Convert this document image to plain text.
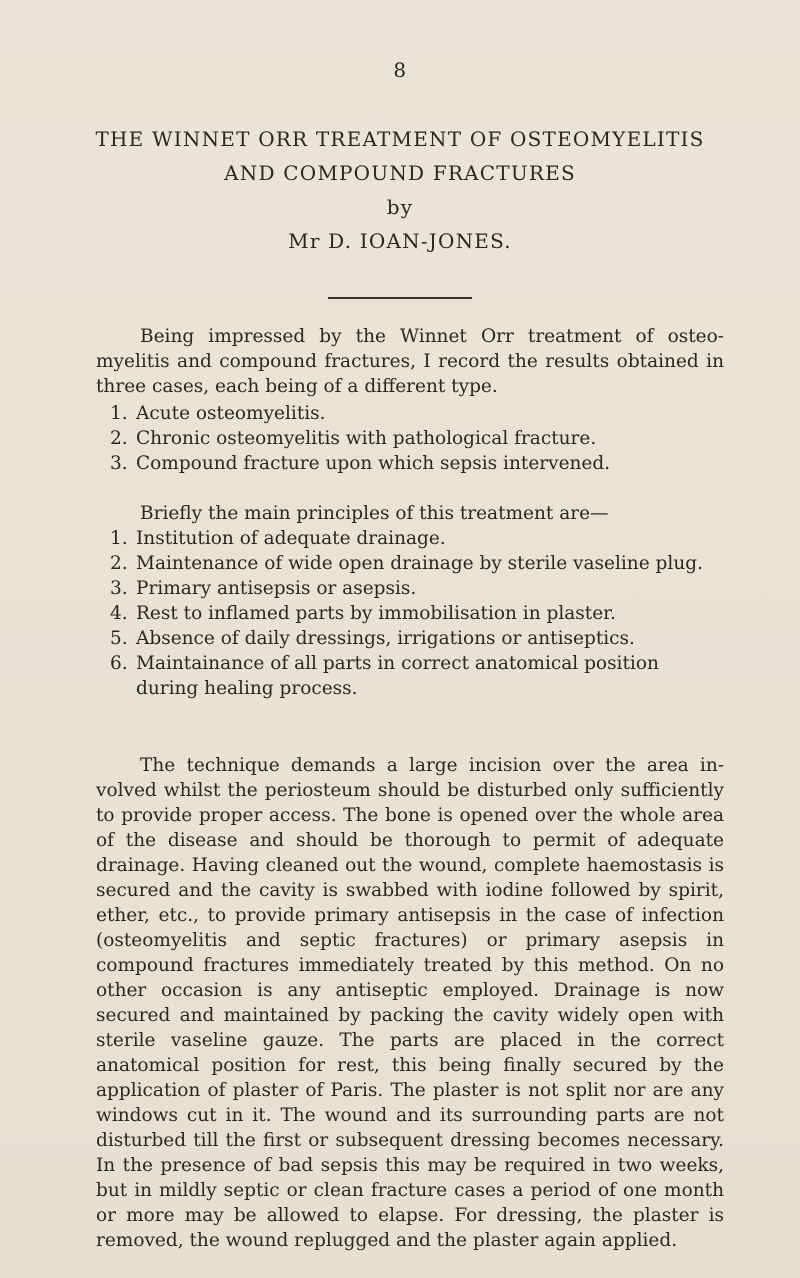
8
THE WINNET ORR TREATMENT OF OSTEOMYELITIS
AND COMPOUND FRACTURES
by
Mr D. IOAN-JONES.

Being impressed by the Winnet Orr treatment of osteo-myelitis and compound fractures, I record the results obtained in three cases, each being of a different type.

1. Acute osteomyelitis.
2. Chronic osteomyelitis with pathological fracture.
3. Compound fracture upon which sepsis intervened.

Briefly the main principles of this treatment are—

1. Institution of adequate drainage.
2. Maintenance of wide open drainage by sterile vaseline plug.
3. Primary antisepsis or asepsis.
4. Rest to inflamed parts by immobilisation in plaster.
5. Absence of daily dressings, irrigations or antiseptics.
6. Maintainance of all parts in correct anatomical position during healing process.

The technique demands a large incision over the area in-volved whilst the periosteum should be disturbed only sufficiently to provide proper access. The bone is opened over the whole area of the disease and should be thorough to permit of adequate drainage. Having cleaned out the wound, complete haemostasis is secured and the cavity is swabbed with iodine followed by spirit, ether, etc., to provide primary antisepsis in the case of infection (osteomyelitis and septic fractures) or primary asepsis in compound fractures immediately treated by this method. On no other occasion is any antiseptic employed. Drainage is now secured and maintained by packing the cavity widely open with sterile vaseline gauze. The parts are placed in the correct anatomical position for rest, this being finally secured by the application of plaster of Paris. The plaster is not split nor are any windows cut in it. The wound and its surrounding parts are not disturbed till the first or subsequent dressing becomes necessary. In the presence of bad sepsis this may be required in two weeks, but in mildly septic or clean fracture cases a period of one month or more may be allowed to elapse. For dressing, the plaster is removed, the wound replugged and the plaster again applied.
